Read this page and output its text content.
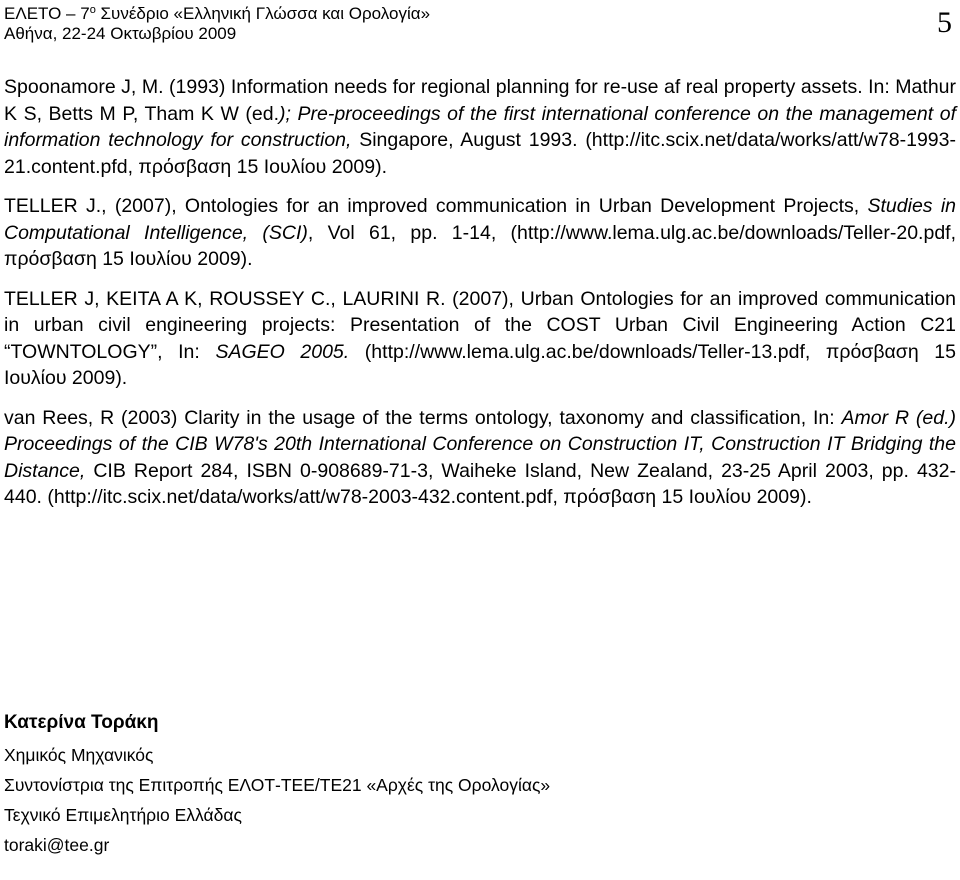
ΕΛΕΤΟ – $7^o$ Συνέδριο «Ελληνική Γλώσσα και Ορολογία»
Αθήνα, 22-24 Οκτωβρίου 2009	5

Spoonamore J, M. (1993) Information needs for regional planning for re-use af real property assets. In: Mathur K S, Betts M P, Tham K W (ed.); Pre-proceedings of the first international conference on the management of information technology for construction, Singapore, August 1993. (http://itc.scix.net/data/works/att/w78-1993-21.content.pfd, πρόσβαση 15 Ιουλίου 2009).

TELLER J., (2007), Ontologies for an improved communication in Urban Development Projects, Studies in Computational Intelligence, (SCI), Vol 61, pp. 1-14, (http://www.lema.ulg.ac.be/downloads/Teller-20.pdf, πρόσβαση 15 Ιουλίου 2009).

TELLER J, KEITA A K, ROUSSEY C., LAURINI R. (2007), Urban Ontologies for an improved communication in urban civil engineering projects: Presentation of the COST Urban Civil Engineering Action C21 “TOWNTOLOGY”, In: SAGEO 2005. (http://www.lema.ulg.ac.be/downloads/Teller-13.pdf, πρόσβαση 15 Ιουλίου 2009).

van Rees, R (2003) Clarity in the usage of the terms ontology, taxonomy and classification, In: Amor R (ed.) Proceedings of the CIB W78's 20th International Conference on Construction IT, Construction IT Bridging the Distance, CIB Report 284, ISBN 0-908689-71-3, Waiheke Island, New Zealand, 23-25 April 2003, pp. 432-440. (http://itc.scix.net/data/works/att/w78-2003-432.content.pdf, πρόσβαση 15 Ιουλίου 2009).

Κατερίνα Τοράκη
Χημικός Μηχανικός
Συντονίστρια της Επιτροπής ΕΛΟΤ-ΤΕΕ/ΤΕ21 «Αρχές της Ορολογίας»
Τεχνικό Επιμελητήριο Ελλάδας
toraki@tee.gr
